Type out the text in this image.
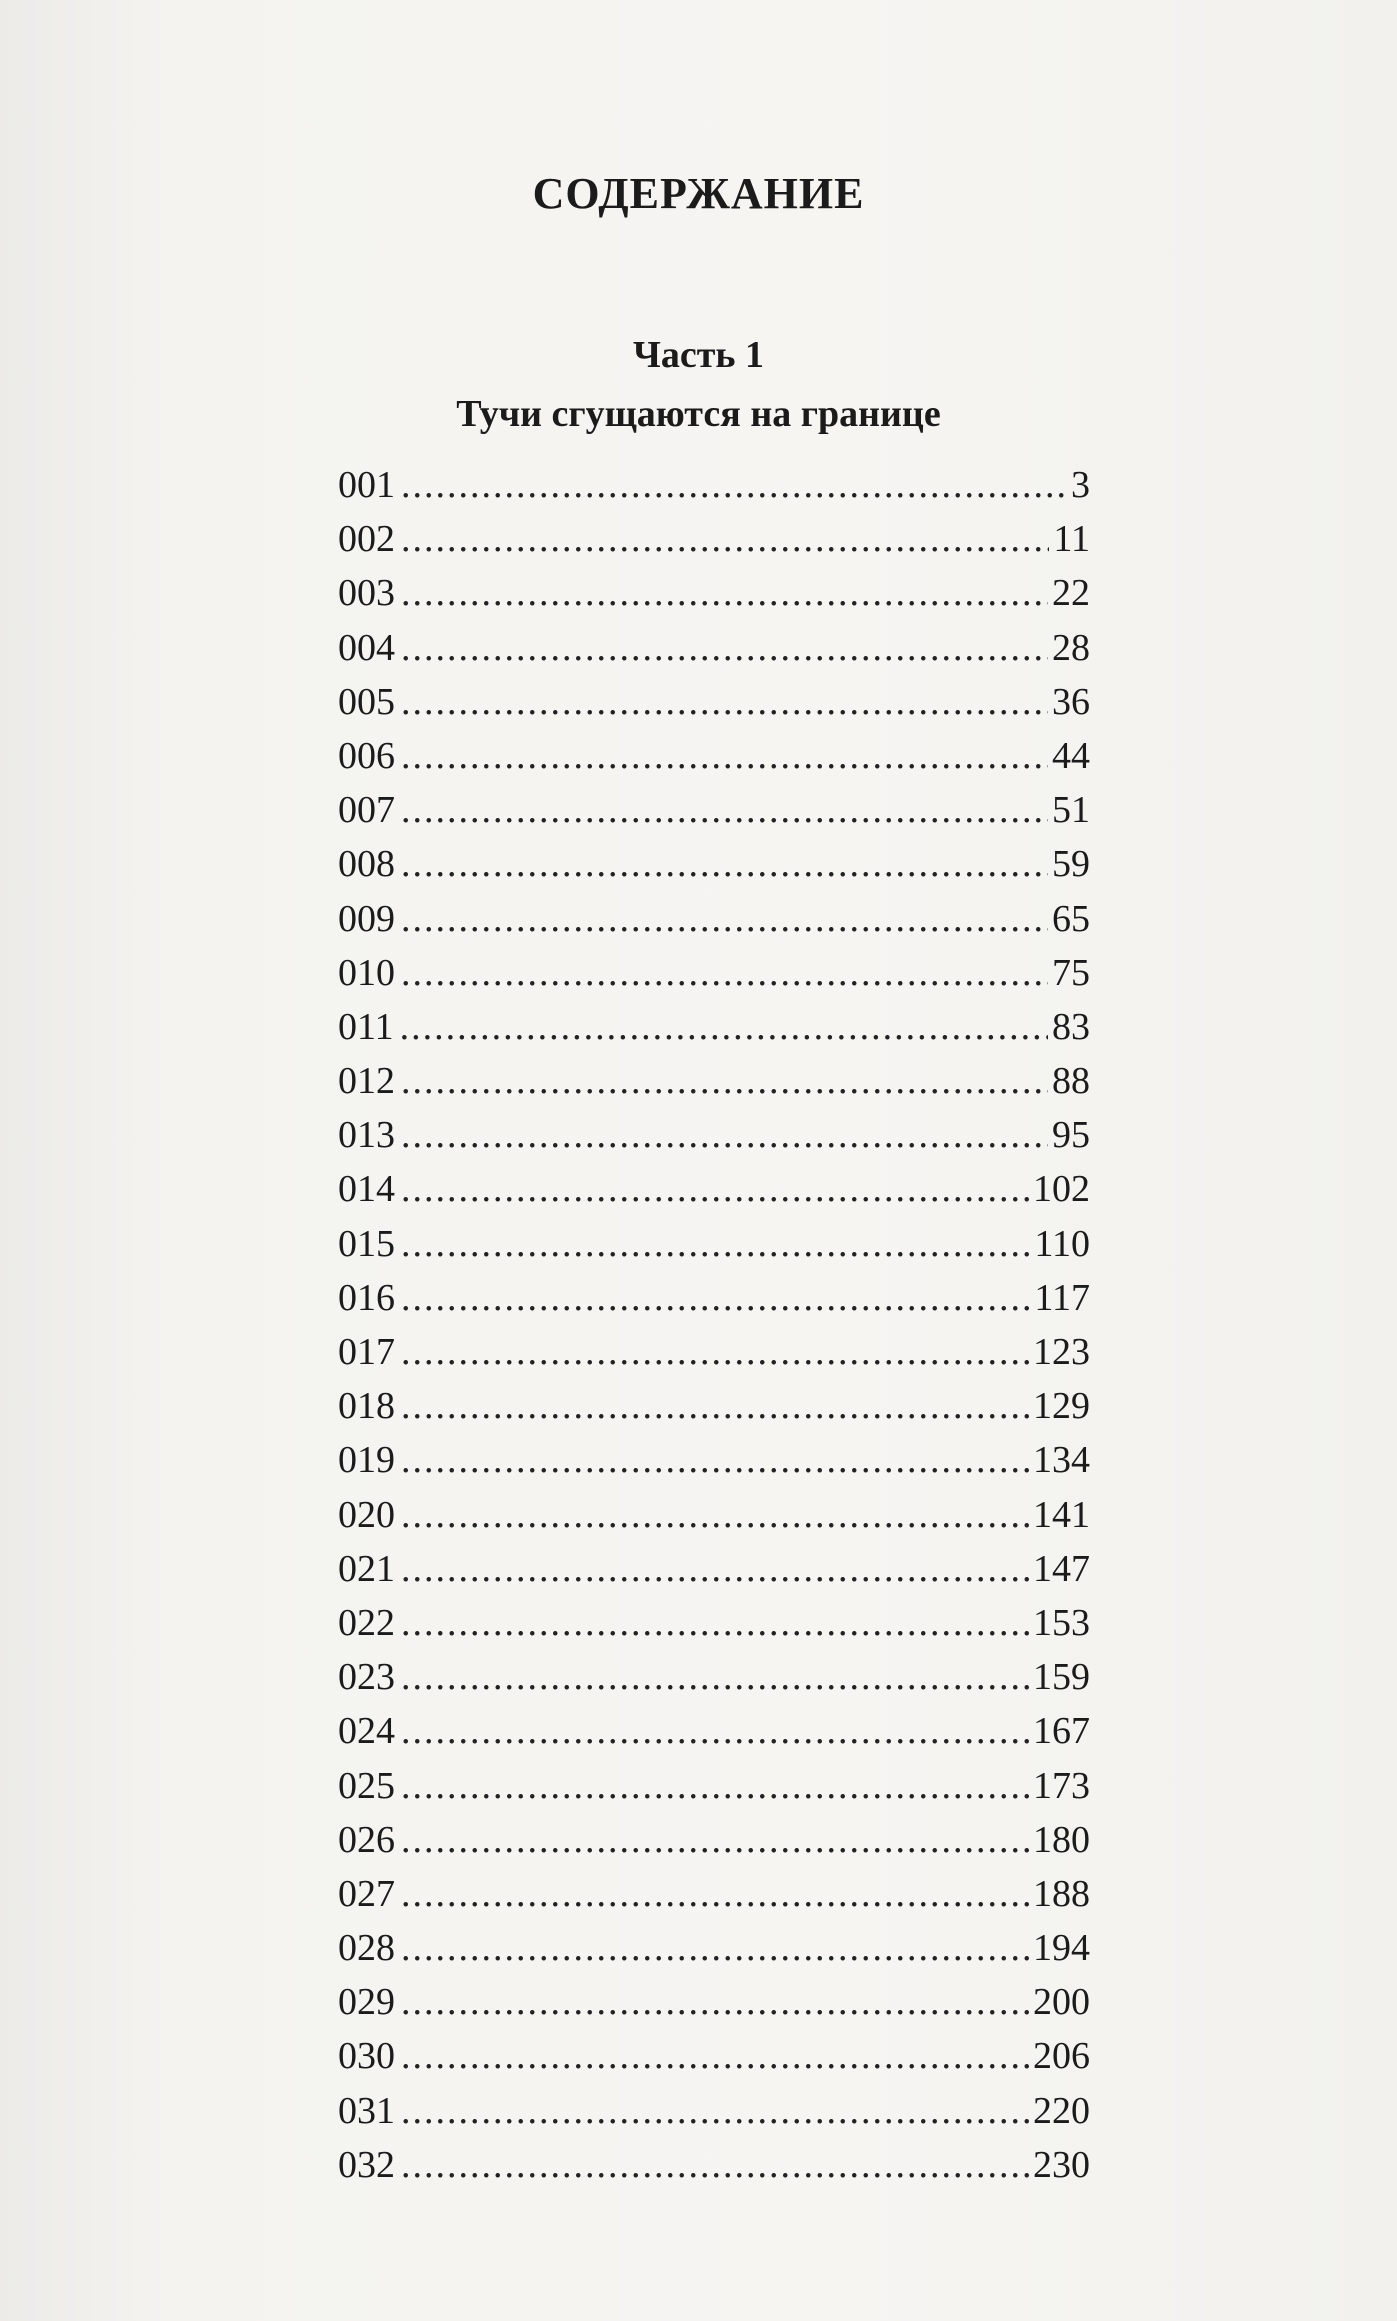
СОДЕРЖАНИЕ
Часть 1
Тучи сгущаются на границе
001 .....	3
002 .....	11
003 .....	22
004 .....	28
005 .....	36
006 .....	44
007 .....	51
008 .....	59
009 .....	65
010 .....	75
011 .....	83
012 .....	88
013 .....	95
014 .....	102
015 .....	110
016 .....	117
017 .....	123
018 .....	129
019 .....	134
020 .....	141
021 .....	147
022 .....	153
023 .....	159
024 .....	167
025 .....	173
026 .....	180
027 .....	188
028 .....	194
029 .....	200
030 .....	206
031 .....	220
032 .....	230
